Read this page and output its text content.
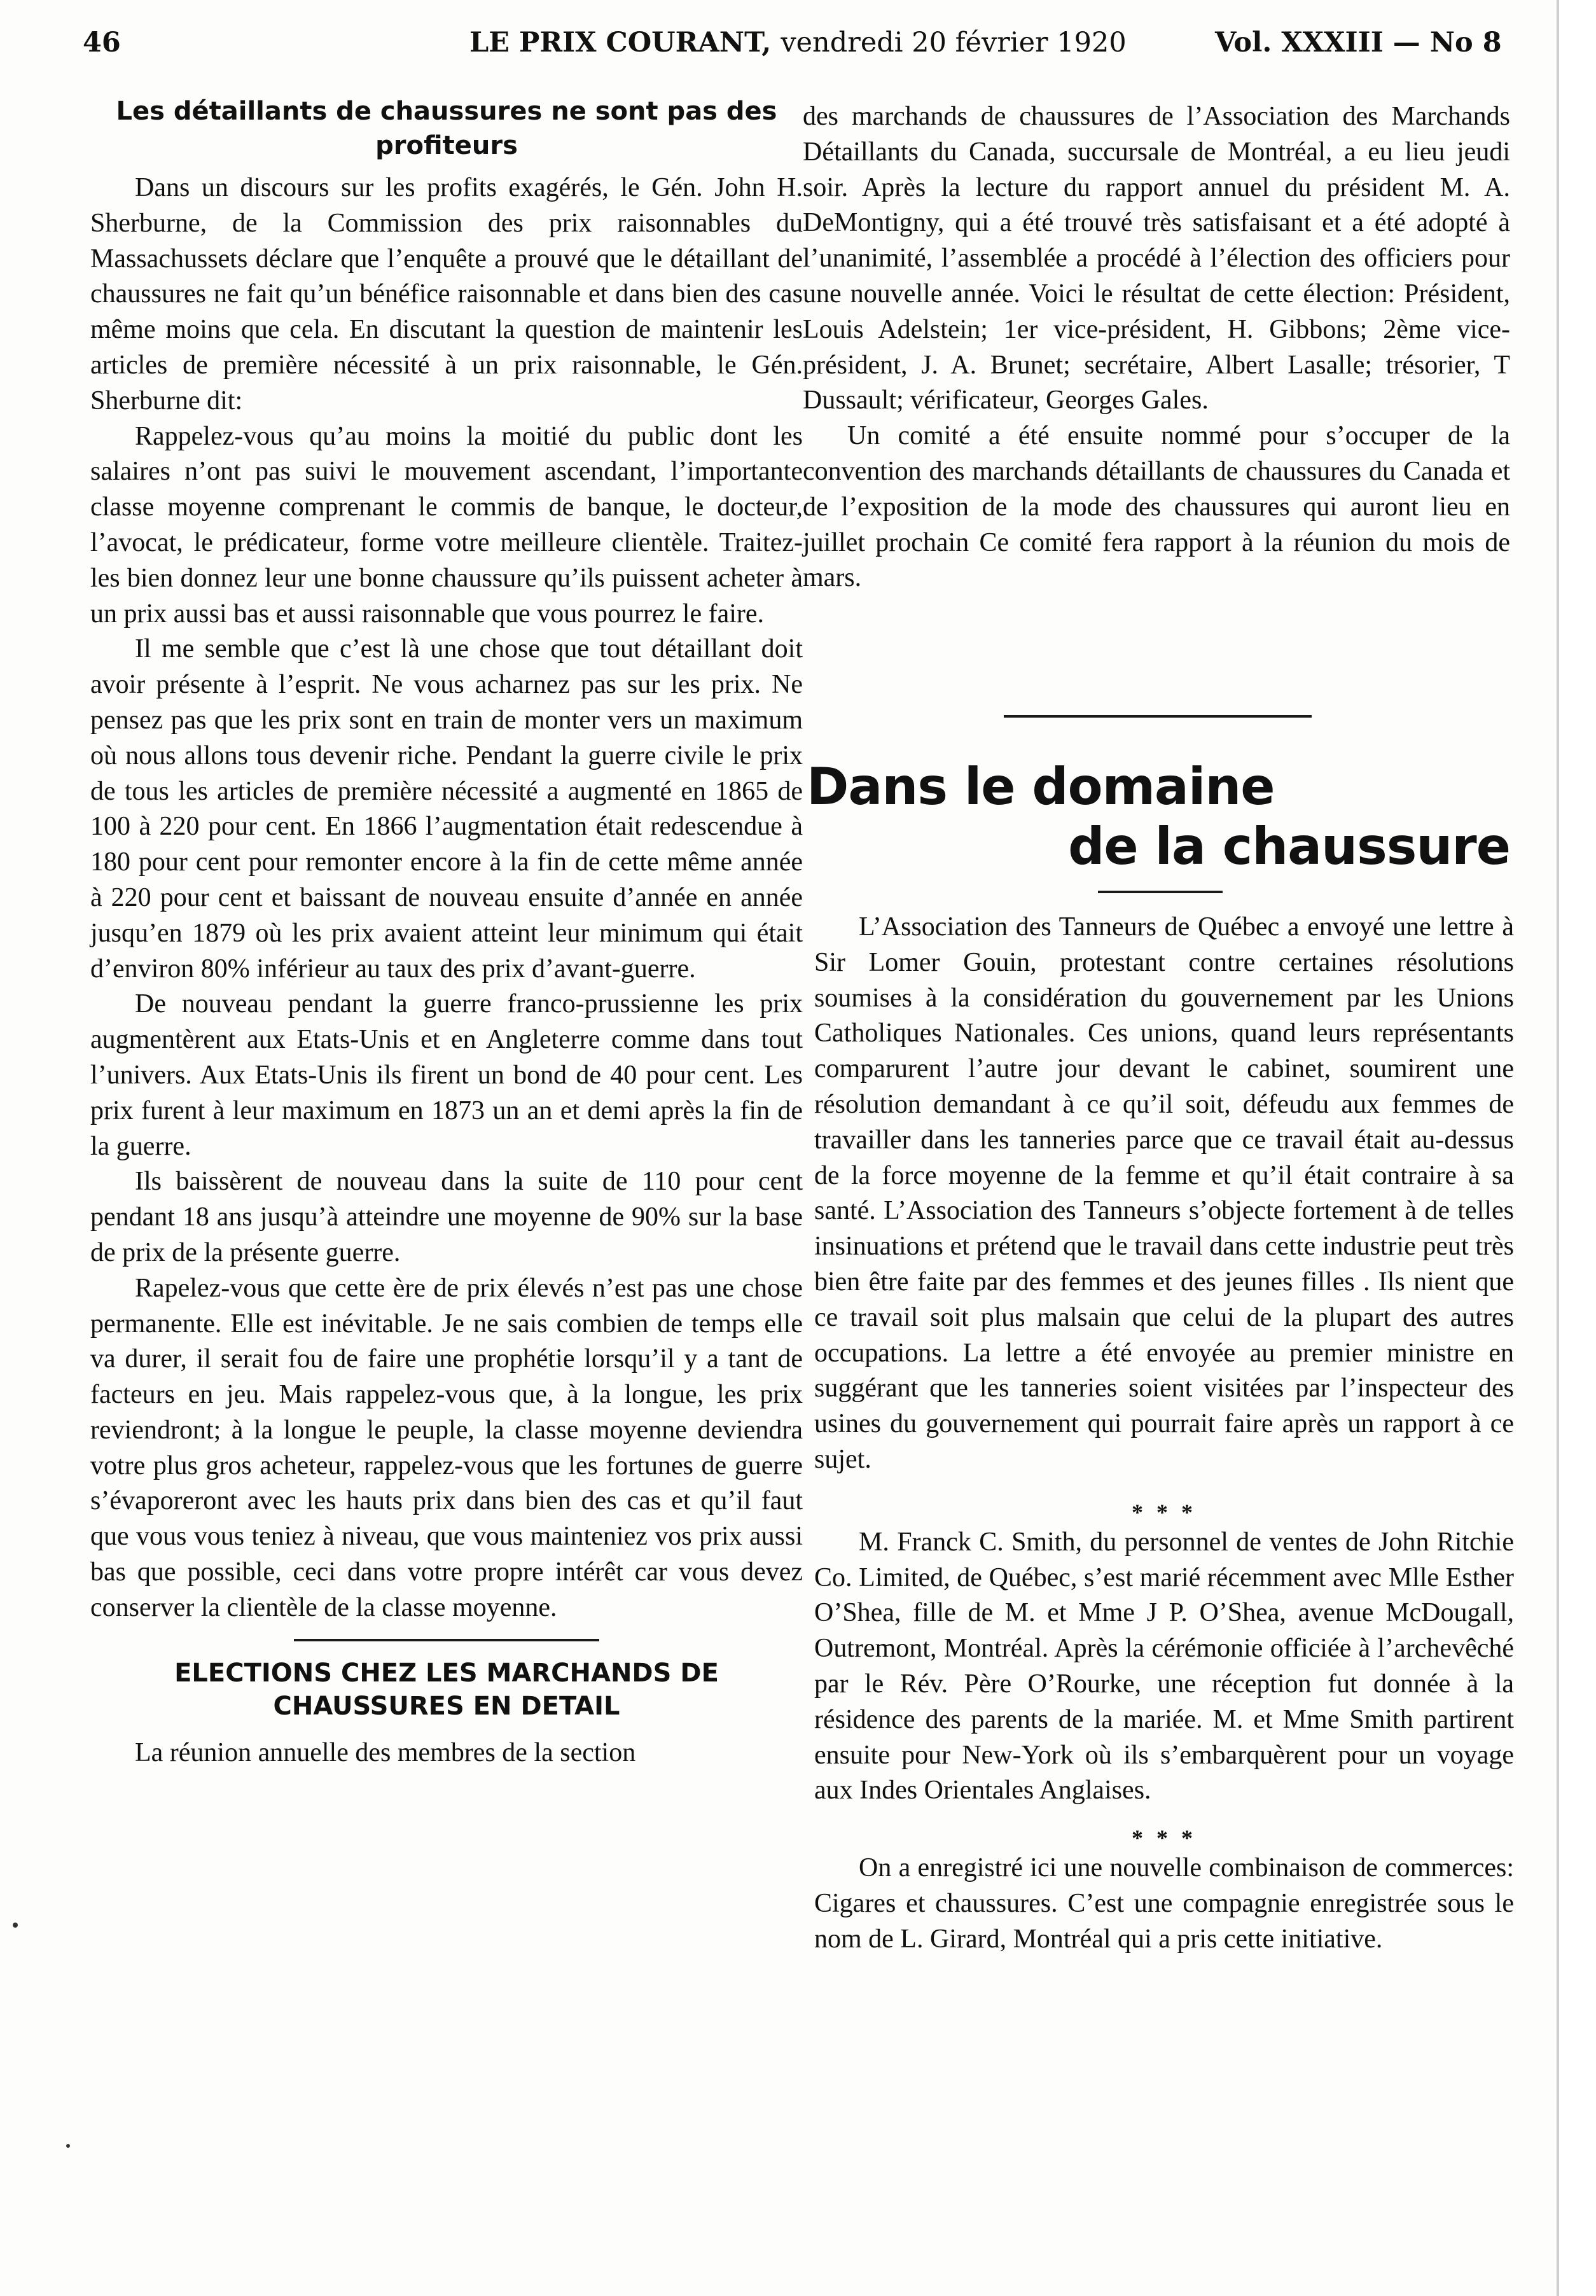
46	LE PRIX COURANT, vendredi 20 février 1920	Vol. XXXIII — No 8
Les détaillants de chaussures ne sont pas des profiteurs

Dans un discours sur les profits exagérés, le Gén. John H. Sherburne, de la Commission des prix raisonnables du Massachussets déclare que l’enquête a prouvé que le détaillant de chaussures ne fait qu’un bénéfice raisonnable et dans bien des cas même moins que cela. En discutant la question de maintenir les articles de première nécessité à un prix raisonnable, le Gén. Sherburne dit:

Rappelez-vous qu’au moins la moitié du public dont les salaires n’ont pas suivi le mouvement ascendant, l’importante classe moyenne comprenant le commis de banque, le docteur, l’avocat, le prédicateur, forme votre meilleure clientèle. Traitez-les bien donnez leur une bonne chaussure qu’ils puissent acheter à un prix aussi bas et aussi raisonnable que vous pourrez le faire.

Il me semble que c’est là une chose que tout détaillant doit avoir présente à l’esprit. Ne vous acharnez pas sur les prix. Ne pensez pas que les prix sont en train de monter vers un maximum où nous allons tous devenir riche. Pendant la guerre civile le prix de tous les articles de première nécessité a augmenté en 1865 de 100 à 220 pour cent. En 1866 l’augmentation était redescendue à 180 pour cent pour remonter encore à la fin de cette même année à 220 pour cent et baissant de nouveau ensuite d’année en année jusqu’en 1879 où les prix avaient atteint leur minimum qui était d’environ 80% inférieur au taux des prix d’avant-guerre.

De nouveau pendant la guerre franco-prussienne les prix augmentèrent aux Etats-Unis et en Angleterre comme dans tout l’univers. Aux Etats-Unis ils firent un bond de 40 pour cent. Les prix furent à leur maximum en 1873 un an et demi après la fin de la guerre.

Ils baissèrent de nouveau dans la suite de 110 pour cent pendant 18 ans jusqu’à atteindre une moyenne de 90% sur la base de prix de la présente guerre.

Rapelez-vous que cette ère de prix élevés n’est pas une chose permanente. Elle est inévitable. Je ne sais combien de temps elle va durer, il serait fou de faire une prophétie lorsqu’il y a tant de facteurs en jeu. Mais rappelez-vous que, à la longue, les prix reviendront; à la longue le peuple, la classe moyenne deviendra votre plus gros acheteur, rappelez-vous que les fortunes de guerre s’évaporeront avec les hauts prix dans bien des cas et qu’il faut que vous vous teniez à niveau, que vous mainteniez vos prix aussi bas que possible, ceci dans votre propre intérêt car vous devez conserver la clientèle de la classe moyenne.

ELECTIONS CHEZ LES MARCHANDS DE CHAUSSURES EN DETAIL

La réunion annuelle des membres de la section

des marchands de chaussures de l’Association des Marchands Détaillants du Canada, succursale de Montréal, a eu lieu jeudi soir. Après la lecture du rapport annuel du président M. A. DeMontigny, qui a été trouvé très satisfaisant et a été adopté à l’unanimité, l’assemblée a procédé à l’élection des officiers pour une nouvelle année. Voici le résultat de cette élection: Président, Louis Adelstein; 1er vice-président, H. Gibbons; 2ème vice-président, J. A. Brunet; secrétaire, Albert Lasalle; trésorier, T Dussault; vérificateur, Georges Gales.

Un comité a été ensuite nommé pour s’occuper de la convention des marchands détaillants de chaussures du Canada et de l’exposition de la mode des chaussures qui auront lieu en juillet prochain Ce comité fera rapport à la réunion du mois de mars.

Dans le domaine
de la chaussure

L’Association des Tanneurs de Québec a envoyé une lettre à Sir Lomer Gouin, protestant contre certaines résolutions soumises à la considération du gouvernement par les Unions Catholiques Nationales. Ces unions, quand leurs représentants comparurent l’autre jour devant le cabinet, soumirent une résolution demandant à ce qu’il soit, défeudu aux femmes de travailler dans les tanneries parce que ce travail était au-dessus de la force moyenne de la femme et qu’il était contraire à sa santé. L’Association des Tanneurs s’objecte fortement à de telles insinuations et prétend que le travail dans cette industrie peut très bien être faite par des femmes et des jeunes filles . Ils nient que ce travail soit plus malsain que celui de la plupart des autres occupations. La lettre a été envoyée au premier ministre en suggérant que les tanneries soient visitées par l’inspecteur des usines du gouvernement qui pourrait faire après un rapport à ce sujet.

* * *

M. Franck C. Smith, du personnel de ventes de John Ritchie Co. Limited, de Québec, s’est marié récemment avec Mlle Esther O’Shea, fille de M. et Mme J P. O’Shea, avenue McDougall, Outremont, Montréal. Après la cérémonie officiée à l’archevêché par le Rév. Père O’Rourke, une réception fut donnée à la résidence des parents de la mariée. M. et Mme Smith partirent ensuite pour New-York où ils s’embarquèrent pour un voyage aux Indes Orientales Anglaises.

* * *

On a enregistré ici une nouvelle combinaison de commerces: Cigares et chaussures. C’est une compagnie enregistrée sous le nom de L. Girard, Montréal qui a pris cette initiative.
